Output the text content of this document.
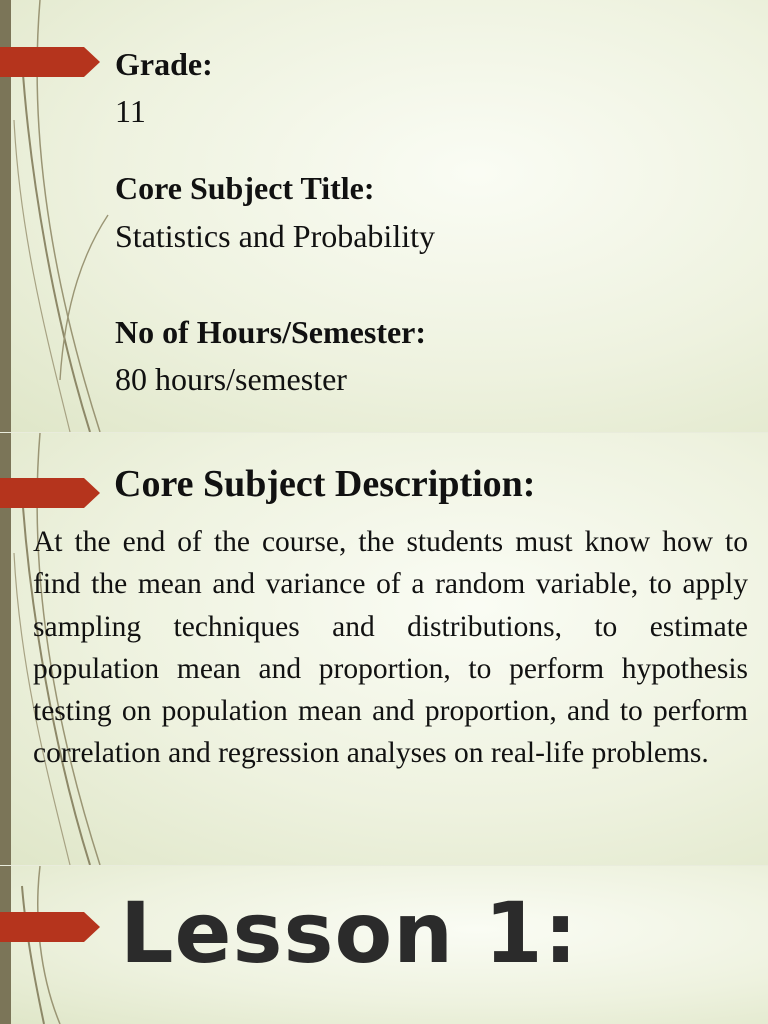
Grade:

11

Core Subject Title:

Statistics and Probability

No of Hours/Semester:

80 hours/semester

Core Subject Description:

At the end of the course, the students must know how to find the mean and variance of a random variable, to apply sampling techniques and distributions, to estimate population mean and proportion, to perform hypothesis testing on population mean and proportion, and to perform correlation and regression analyses on real-life problems.

Lesson 1:
